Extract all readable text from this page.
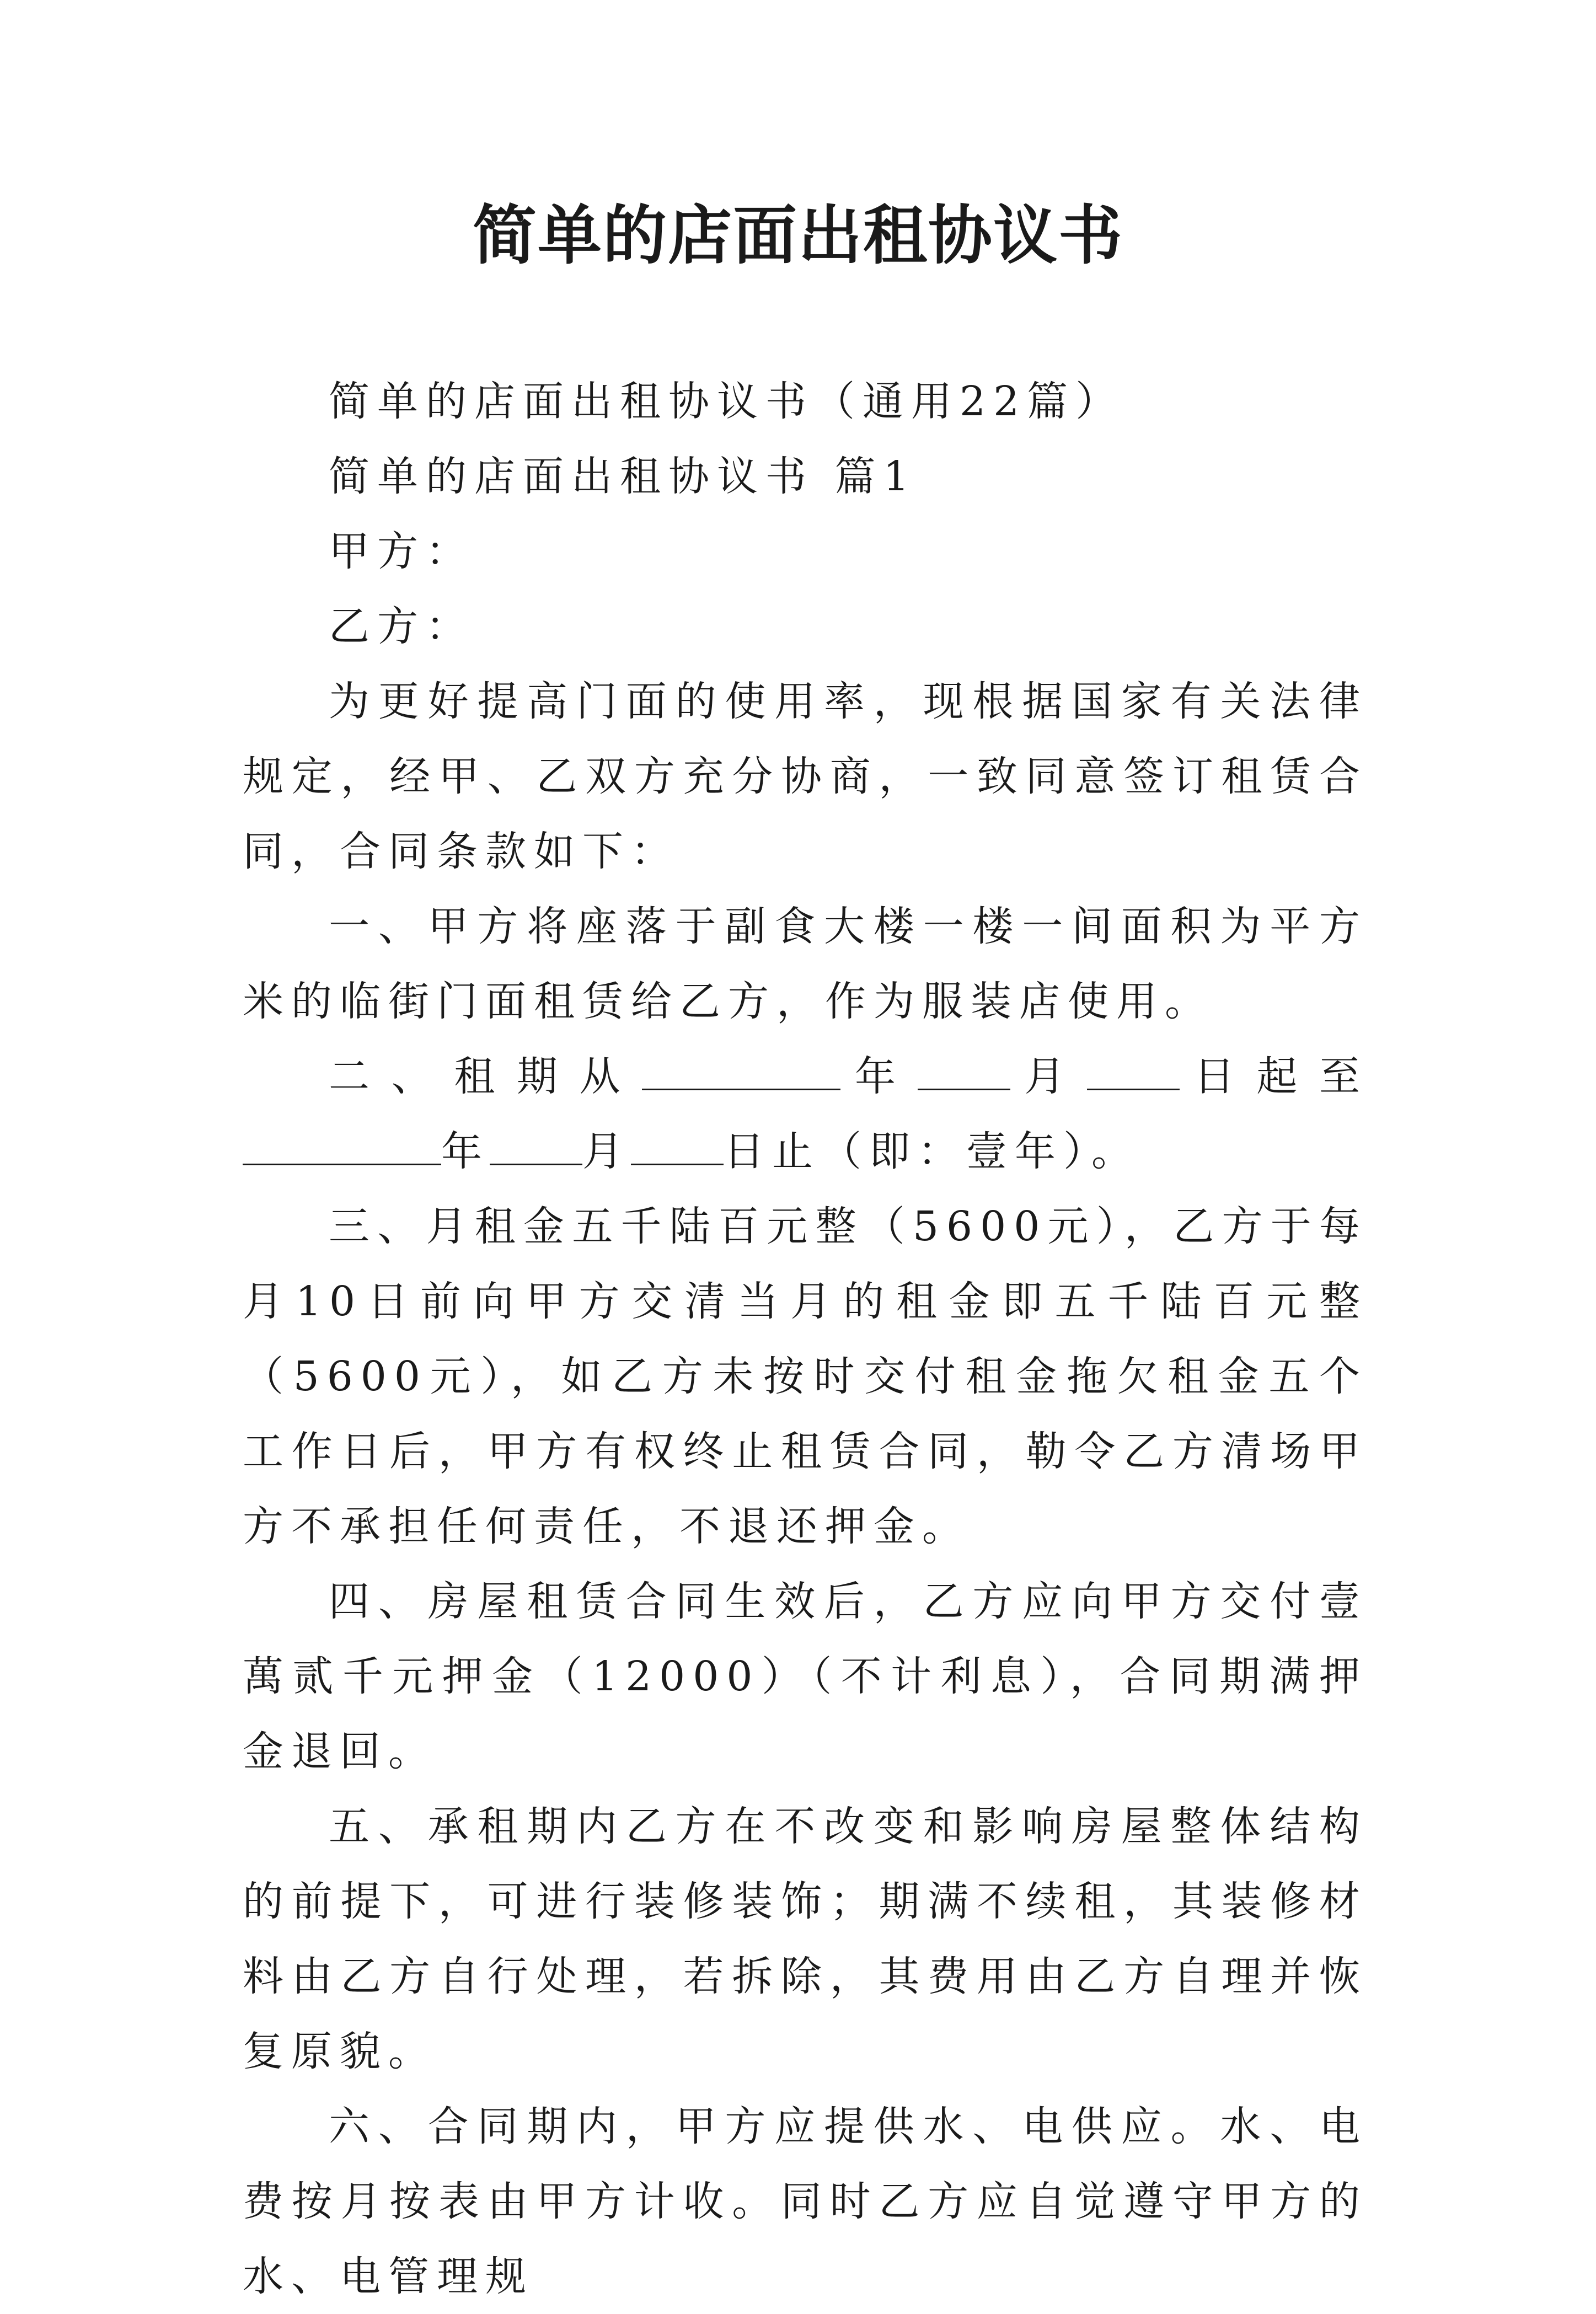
简单的店面出租协议书

简单的店面出租协议书（通用22篇）

简单的店面出租协议书 篇1

甲方：

乙方：

为更好提高门面的使用率，现根据国家有关法律规定，经甲、乙双方充分协商，一致同意签订租赁合同，合同条款如下：

一、甲方将座落于副食大楼一楼一间面积为平方米的临街门面租赁给乙方，作为服装店使用。

二、租期从	年 月 日起至年 月 日止（即：壹年）。

三、月租金五千陆百元整（5600元），乙方于每月10日前向甲方交清当月的租金即五千陆百元整（5600元），如乙方未按时交付租金拖欠租金五个工作日后，甲方有权终止租赁合同，勒令乙方清场甲方不承担任何责任，不退还押金。

四、房屋租赁合同生效后，乙方应向甲方交付壹萬贰千元押金（12000）（不计利息），合同期满押金退回。

五、承租期内乙方在不改变和影响房屋整体结构的前提下，可进行装修装饰；期满不续租，其装修材料由乙方自行处理，若拆除，其费用由乙方自理并恢复原貌。

六、合同期内，甲方应提供水、电供应。水、电费按月按表由甲方计收。同时乙方应自觉遵守甲方的水、电管理规
